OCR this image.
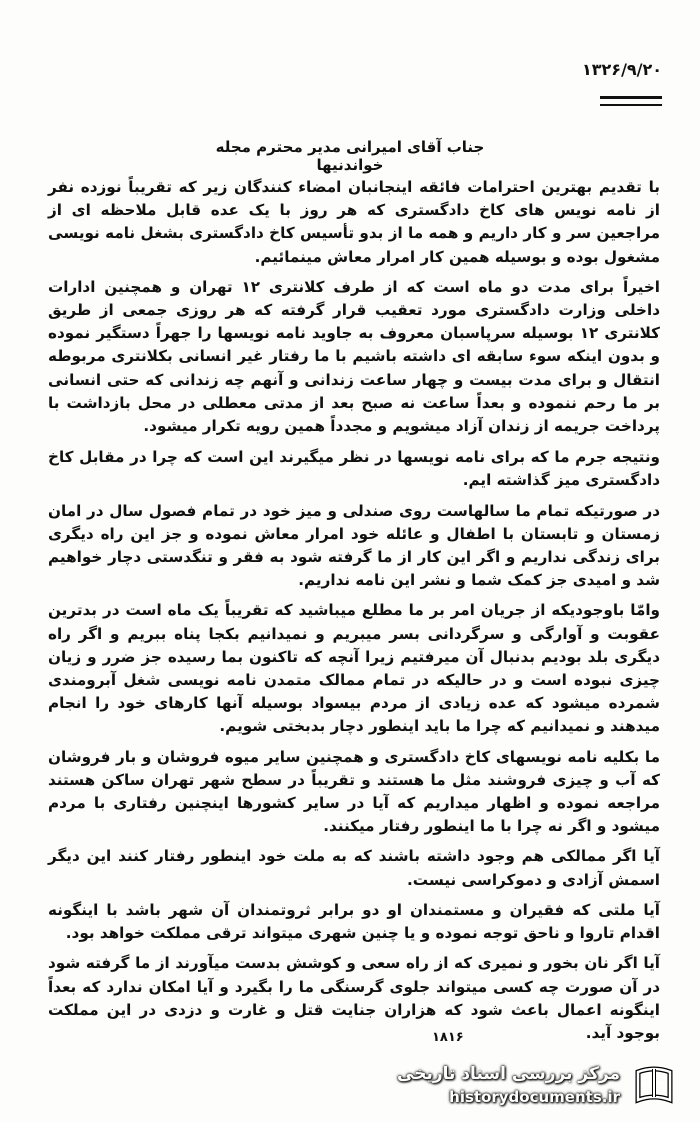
۱۳۲۶/۹/۲۰
جناب آقای امیرانی مدیر محترم مجله خواندنیها

با تقدیم بهترین احترامات فائقه اینجانبان امضاء کنندگان زیر که تقریباً نوزده نفر از نامه نویس های کاخ دادگستری که هر روز با یک عده قابل ملاحظه ای از مراجعین سر و کار داریم و همه ما از بدو تأسیس کاخ دادگستری بشغل نامه نویسی مشغول بوده و بوسیله همین کار امرار معاش مینمائیم.

اخیراً برای مدت دو ماه است که از طرف کلانتری ۱۲ تهران و همچنین ادارات داخلی وزارت دادگستری مورد تعقیب قرار گرفته که هر روزی جمعی از طریق کلانتری ۱۲ بوسیله سرپاسبان معروف به جاوید نامه نویسها را جهراً دستگیر نموده و بدون اینکه سوء سابقه ای داشته باشیم با ما رفتار غیر انسانی بکلانتری مربوطه انتقال و برای مدت بیست و چهار ساعت زندانی و آنهم چه زندانی که حتی انسانی بر ما رحم ننموده و بعداً ساعت نه صبح بعد از مدتی معطلی در محل بازداشت با پرداخت جریمه از زندان آزاد میشویم و مجدداً همین رویه تکرار میشود.

ونتیجه جرم ما که برای نامه نویسها در نظر میگیرند این است که چرا در مقابل کاخ دادگستری میز گذاشته ایم.

در صورتیکه تمام ما سالهاست روی صندلی و میز خود در تمام فصول سال در امان زمستان و تابستان با اطفال و عائله خود امرار معاش نموده و جز این راه دیگری برای زندگی نداریم و اگر این کار از ما گرفته شود به فقر و تنگدستی دچار خواهیم شد و امیدی جز کمک شما و نشر این نامه نداریم.

وامّا باوجودیکه از جریان امر بر ما مطلع میباشید که تقریباً یک ماه است در بدترین عقوبت و آوارگی و سرگردانی بسر میبریم و نمیدانیم بکجا پناه ببریم و اگر راه دیگری بلد بودیم بدنبال آن میرفتیم زیرا آنچه که تاکنون بما رسیده جز ضرر و زیان چیزی نبوده است و در حالیکه در تمام ممالک متمدن نامه نویسی شغل آبرومندی شمرده میشود که عده زیادی از مردم بیسواد بوسیله آنها کارهای خود را انجام میدهند و نمیدانیم که چرا ما باید اینطور دچار بدبختی شویم.

ما بکلیه نامه نویسهای کاخ دادگستری و همچنین سایر میوه فروشان و بار فروشان که آب و چیزی فروشند مثل ما هستند و تقریباً در سطح شهر تهران ساکن هستند مراجعه نموده و اظهار میداریم که آیا در سایر کشورها اینچنین رفتاری با مردم میشود و اگر نه چرا با ما اینطور رفتار میکنند.

آیا اگر ممالکی هم وجود داشته باشند که به ملت خود اینطور رفتار کنند این دیگر اسمش آزادی و دموکراسی نیست.

آیا ملتی که فقیران و مستمندان او دو برابر ثروتمندان آن شهر باشد با اینگونه اقدام تاروا و ناحق توجه نموده و یا چنین شهری میتواند ترقی مملکت خواهد بود.

آیا اگر نان بخور و نمیری که از راه سعی و کوشش بدست میآورند از ما گرفته شود در آن صورت چه کسی میتواند جلوی گرسنگی ما را بگیرد و آیا امکان ندارد که بعداً اینگونه اعمال باعث شود که هزاران جنایت قتل و غارت و دزدی در این مملکت بوجود آید.

۱۸۱۶
مرکز بررسی اسناد تاریخی
historydocuments.ir
